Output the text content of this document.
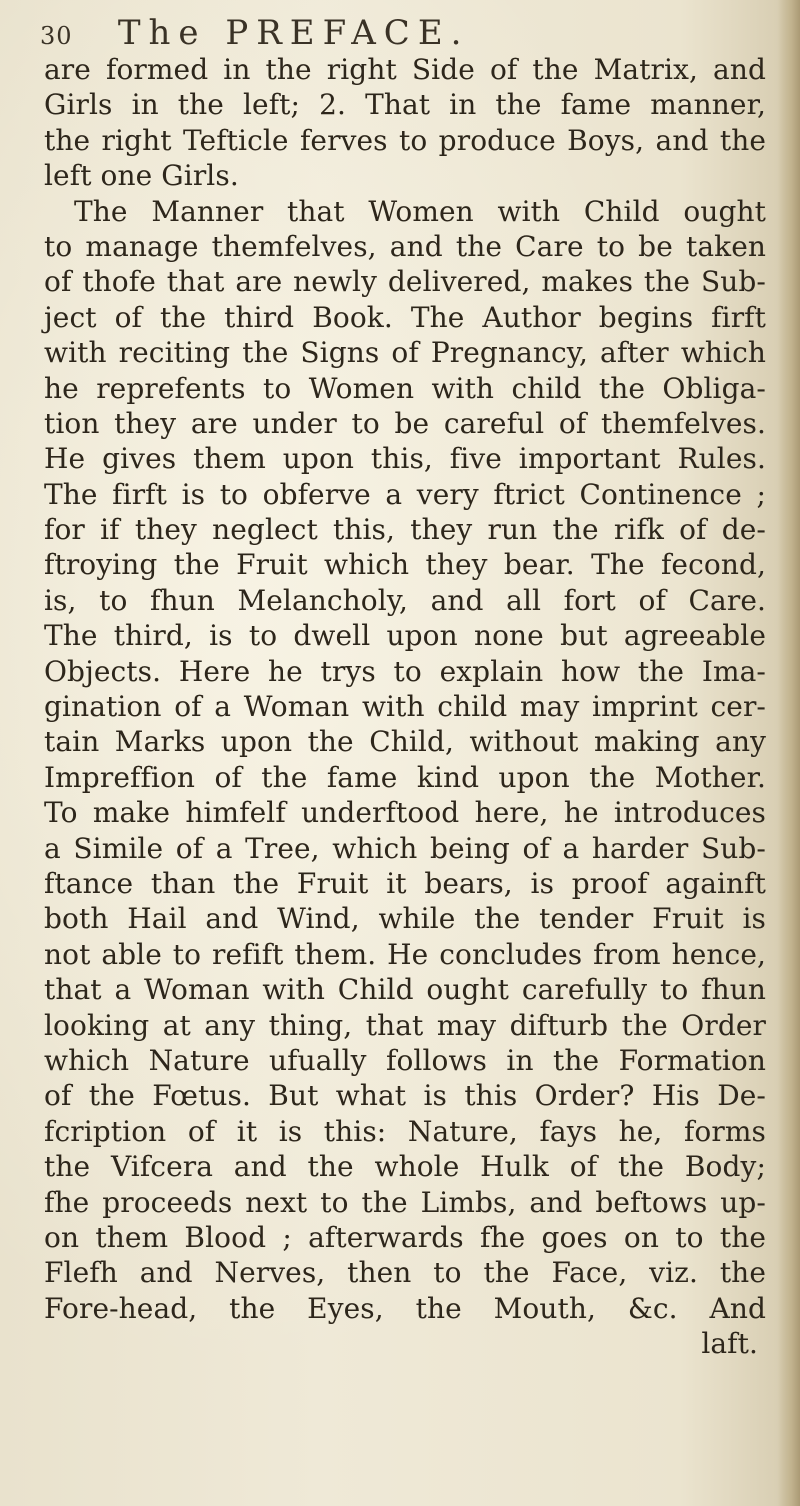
30 The PREFACE.
are formed in the right Side of the Matrix, and
Girls in the left; 2. That in the fame manner,
the right Tefticle ferves to produce Boys, and the
left one Girls.
The Manner that Women with Child ought
to manage themfelves, and the Care to be taken
of thofe that are newly delivered, makes the Sub-
ject of the third Book. The Author begins firft
with reciting the Signs of Pregnancy, after which
he reprefents to Women with child the Obliga-
tion they are under to be careful of themfelves.
He gives them upon this, five important Rules.
The firft is to obferve a very ftrict Continence ;
for if they neglect this, they run the rifk of de-
ftroying the Fruit which they bear. The fecond,
is, to fhun Melancholy, and all fort of Care.
The third, is to dwell upon none but agreeable
Objects. Here he trys to explain how the Ima-
gination of a Woman with child may imprint cer-
tain Marks upon the Child, without making any
Impreffion of the fame kind upon the Mother.
To make himfelf underftood here, he introduces
a Simile of a Tree, which being of a harder Sub-
ftance than the Fruit it bears, is proof againft
both Hail and Wind, while the tender Fruit is
not able to refift them. He concludes from hence,
that a Woman with Child ought carefully to fhun
looking at any thing, that may difturb the Order
which Nature ufually follows in the Formation
of the Fœtus. But what is this Order? His De-
fcription of it is this: Nature, fays he, forms
the Vifcera and the whole Hulk of the Body;
fhe proceeds next to the Limbs, and beftows up-
on them Blood ; afterwards fhe goes on to the
Flefh and Nerves, then to the Face, viz. the
Fore-head, the Eyes, the Mouth, &c. And
laft.
